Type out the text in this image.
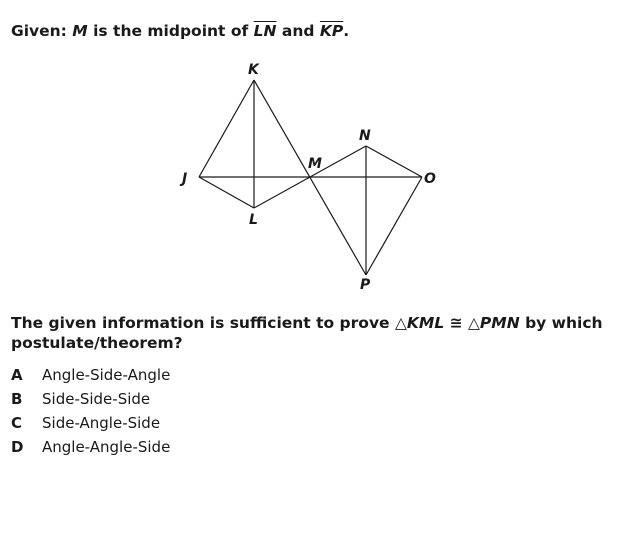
Given: M is the midpoint of $\overline{LN}$ and $\overline{KP}$.
K
J
L
M
N
O
P
The given information is sufficient to prove △KML ≅ △PMN by which postulate/theorem?
A Angle-Side-Angle
B Side-Side-Side
C Side-Angle-Side
D Angle-Angle-Side
